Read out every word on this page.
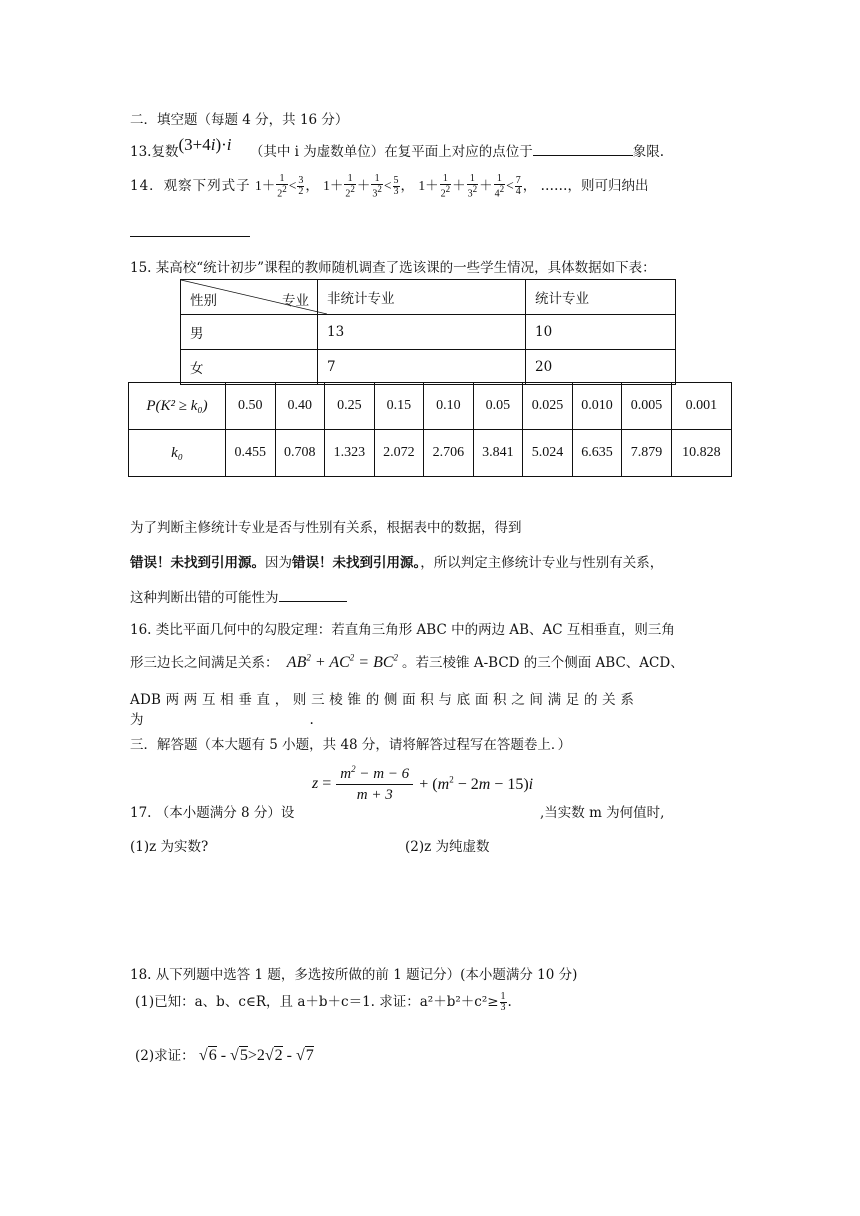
二．填空题（每题 4 分，共 16 分）
13.复数(3+4i)·i （其中 i 为虚数单位）在复平面上对应的点位于	象限.
14．观察下列式子 $1+ \frac{1}{2^2} < \frac{3}{2}$ ， $1+ \frac{1}{2^2} + \frac{1}{3^2} < \frac{5}{3}$ ， $1+ \frac{1}{2^2} + \frac{1}{3^2} + \frac{1}{4^2} < \frac{7}{4}$ ， ……，则可归纳出
15. 某高校“统计初步”课程的教师随机调查了选该课的一些学生情况，具体数据如下表：
性别 专业	非统计专业	统计专业
男	13	10
女	7	20
P(K² ≥ k₀)	0.50	0.40	0.25	0.15	0.10	0.05	0.025	0.010	0.005	0.001
k₀	0.455	0.708	1.323	2.072	2.706	3.841	5.024	6.635	7.879	10.828
为了判断主修统计专业是否与性别有关系，根据表中的数据，得到
错误！未找到引用源。因为错误！未找到引用源。，所以判定主修统计专业与性别有关系，
这种判断出错的可能性为
16. 类比平面几何中的勾股定理：若直角三角形 ABC 中的两边 AB、AC 互相垂直，则三角
形三边长之间满足关系： $AB^2 + AC^2 = BC^2$ 。若三棱锥 A-BCD 的三个侧面 ABC、ACD、
ADB 两 两 互 相 垂 直 ， 则 三 棱 锥 的 侧 面 积 与 底 面 积 之 间 满 足 的 关 系
为	.
三．解答题（本大题有 5 小题，共 48 分，请将解答过程写在答题卷上．）
$z = \frac{m^2 - m - 6}{m + 3} + (m^2 - 2m - 15)i$
17. （本小题满分 8 分）设	,当实数 m 为何值时,
(1)z 为实数?	(2)z 为纯虚数
18. 从下列题中选答 1 题，多选按所做的前 1 题记分）(本小题满分 10 分)
(1)已知：a、b、c∈R，且 a＋b＋c＝1. 求证：$a^2+b^2+c^2\ge \frac{1}{3}$ .
(2)求证： √6 - √5>2√2 - √7
